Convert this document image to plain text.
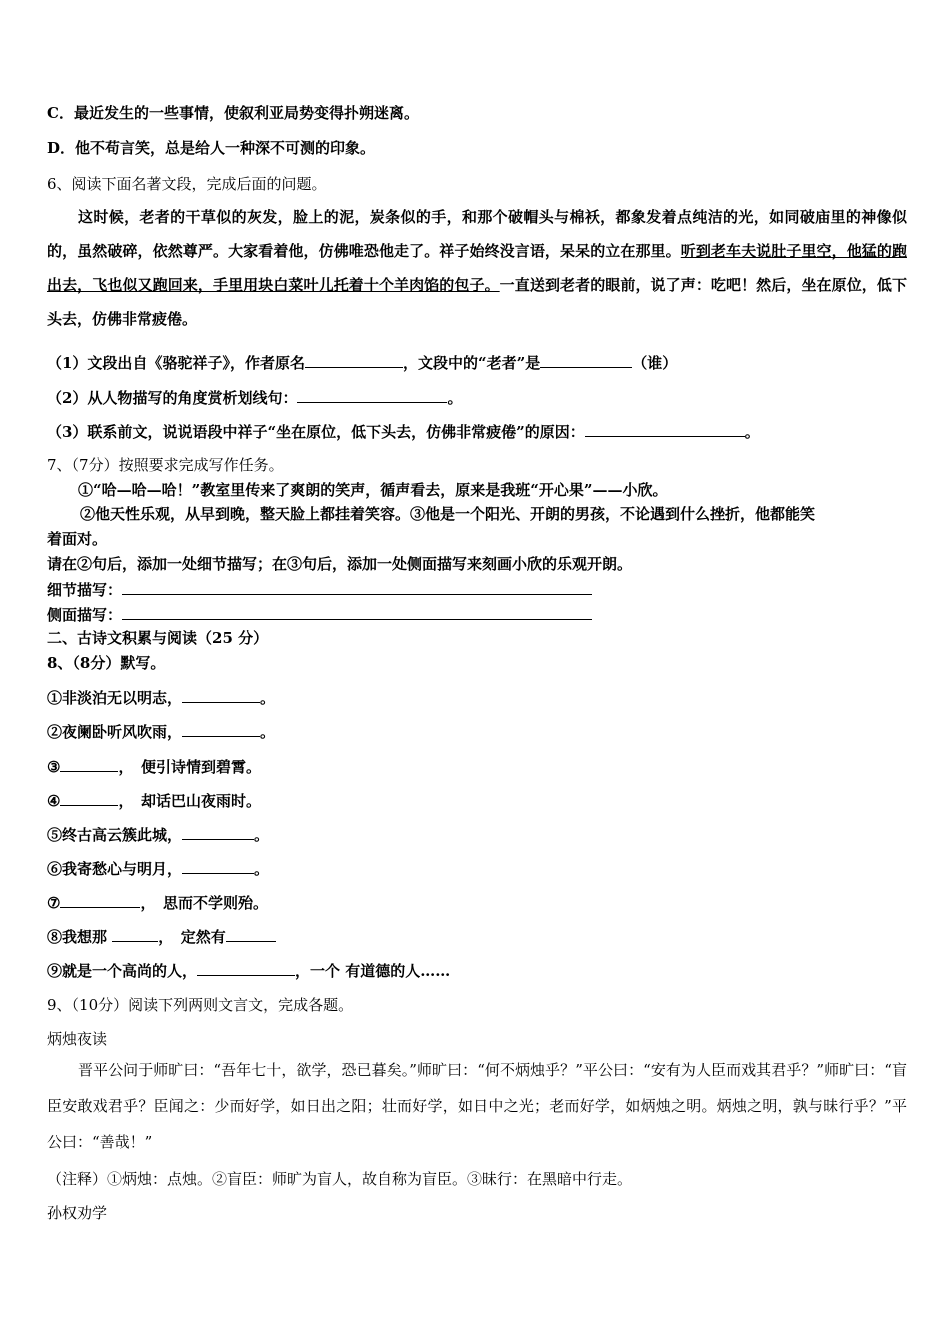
C．最近发生的一些事情，使叙利亚局势变得扑朔迷离。
D．他不苟言笑，总是给人一种深不可测的印象。
6、阅读下面名著文段，完成后面的问题。
这时候，老者的干草似的灰发，脸上的泥，炭条似的手，和那个破帽头与棉袄，都象发着点纯洁的光，如同破庙里的神像似的，虽然破碎，依然尊严。大家看着他，仿佛唯恐他走了。祥子始终没言语，呆呆的立在那里。听到老车夫说肚子里空，他猛的跑出去，飞也似又跑回来，手里用块白菜叶儿托着十个羊肉馅的包子。一直送到老者的眼前，说了声：吃吧！然后，坐在原位，低下头去，仿佛非常疲倦。
（1）文段出自《骆驼祥子》，作者原名	，文段中的“老者”是	（谁）
（2）从人物描写的角度赏析划线句：	。
（3）联系前文，说说语段中祥子“坐在原位，低下头去，仿佛非常疲倦”的原因：	。
7、（7分）按照要求完成写作任务。
①“哈—哈—哈！”教室里传来了爽朗的笑声，循声看去，原来是我班“开心果”——小欣。
②他天性乐观，从早到晚，整天脸上都挂着笑容。③他是一个阳光、开朗的男孩，不论遇到什么挫折，他都能笑
着面对。
请在②句后，添加一处细节描写；在③句后，添加一处侧面描写来刻画小欣的乐观开朗。
细节描写：
侧面描写：
二、古诗文积累与阅读（25 分）
8、（8分）默写。
①非淡泊无以明志，	。
②夜阑卧听风吹雨，	。
③	，　便引诗情到碧霄。
④	，　却话巴山夜雨时。
⑤终古高云簇此城，	。
⑥我寄愁心与明月，	。
⑦	，　思而不学则殆。
⑧我想那	，　定然有
⑨就是一个高尚的人，	，一个 有道德的人……
9、（10分）阅读下列两则文言文，完成各题。
炳烛夜读
晋平公问于师旷曰：“吾年七十，欲学，恐已暮矣。”师旷曰：“何不炳烛乎？”平公曰：“安有为人臣而戏其君乎？”师旷曰：“盲臣安敢戏君乎？臣闻之：少而好学，如日出之阳；壮而好学，如日中之光；老而好学，如炳烛之明。炳烛之明，孰与昧行乎？”平公曰：“善哉！”
（注释）①炳烛：点烛。②盲臣：师旷为盲人，故自称为盲臣。③昧行：在黑暗中行走。
孙权劝学
